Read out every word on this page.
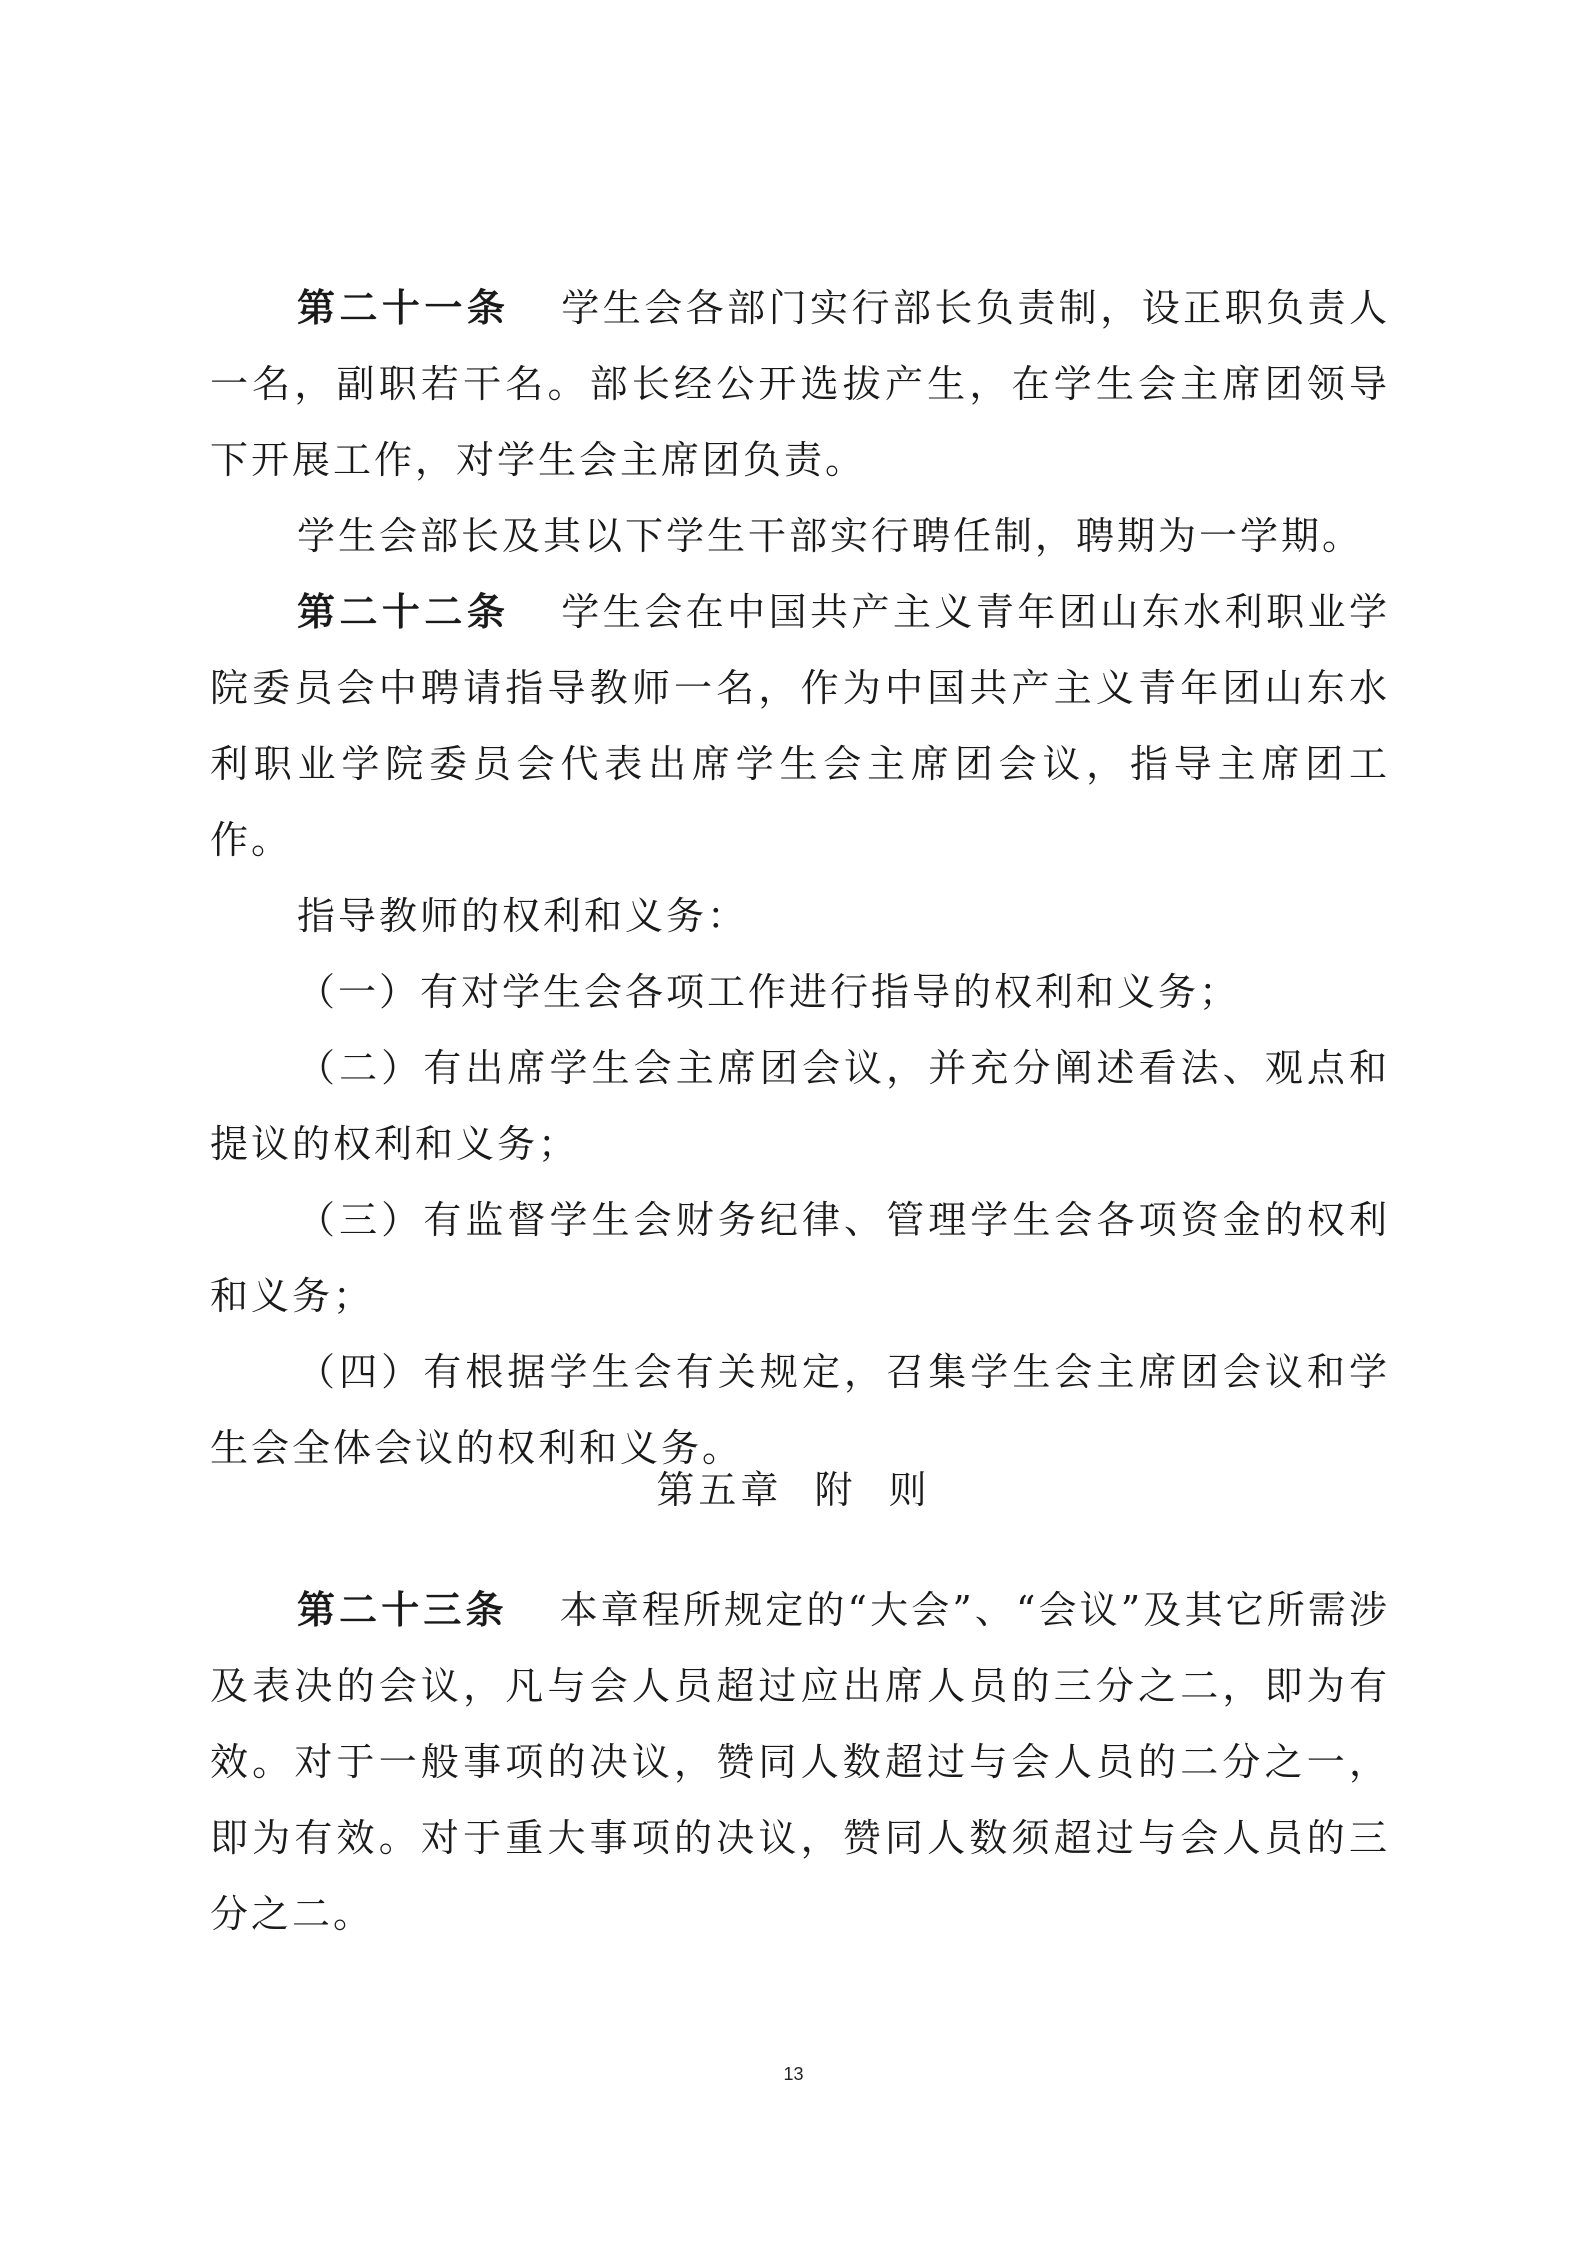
第二十一条 学生会各部门实行部长负责制，设正职负责人一名，副职若干名。部长经公开选拔产生，在学生会主席团领导下开展工作，对学生会主席团负责。

学生会部长及其以下学生干部实行聘任制，聘期为一学期。

第二十二条 学生会在中国共产主义青年团山东水利职业学院委员会中聘请指导教师一名，作为中国共产主义青年团山东水利职业学院委员会代表出席学生会主席团会议，指导主席团工作。

指导教师的权利和义务：

（一）有对学生会各项工作进行指导的权利和义务；

（二）有出席学生会主席团会议，并充分阐述看法、观点和提议的权利和义务；

（三）有监督学生会财务纪律、管理学生会各项资金的权利和义务；

（四）有根据学生会有关规定，召集学生会主席团会议和学生会全体会议的权利和义务。

第五章  附  则

第二十三条 本章程所规定的“大会”、“会议”及其它所需涉及表决的会议，凡与会人员超过应出席人员的三分之二，即为有效。对于一般事项的决议，赞同人数超过与会人员的二分之一，即为有效。对于重大事项的决议，赞同人数须超过与会人员的三分之二。

13
